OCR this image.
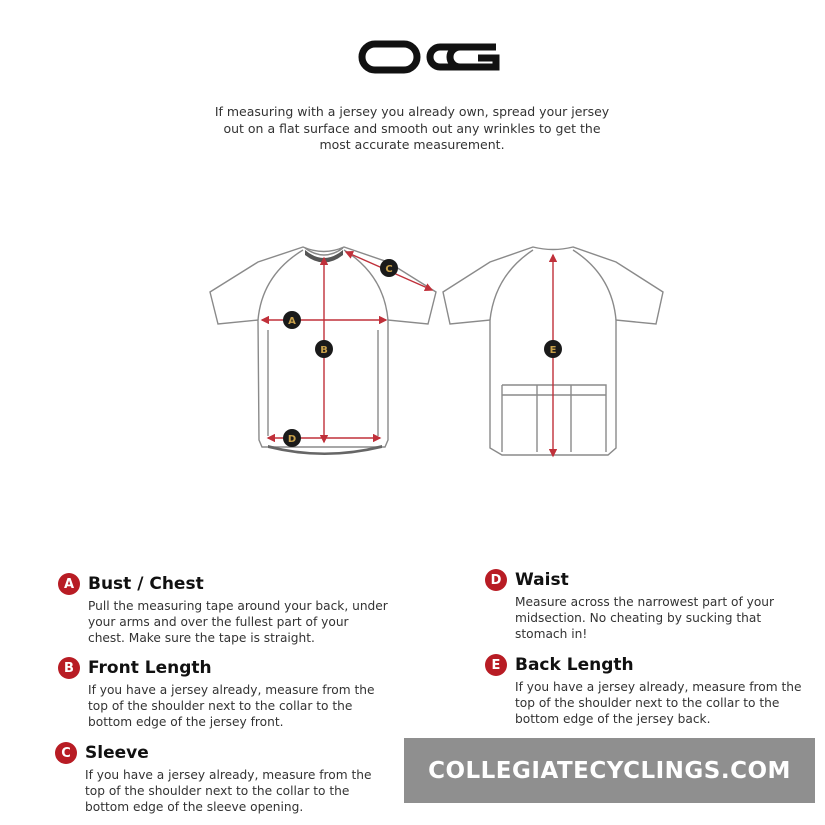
If measuring with a jersey you already own, spread your jersey out on a flat surface and smooth out any wrinkles to get the most accurate measurement.
A
B
C
D
E
A Bust / Chest
Pull the measuring tape around your back, under your arms and over the fullest part of your chest. Make sure the tape is straight.
B Front Length
If you have a jersey already, measure from the top of the shoulder next to the collar to the bottom edge of the jersey front.
C Sleeve
If you have a jersey already, measure from the top of the shoulder next to the collar to the bottom edge of the sleeve opening.
D Waist
Measure across the narrowest part of your midsection. No cheating by sucking that stomach in!
E Back Length
If you have a jersey already, measure from the top of the shoulder next to the collar to the bottom edge of the jersey back.
COLLEGIATECYCLINGS.COM
